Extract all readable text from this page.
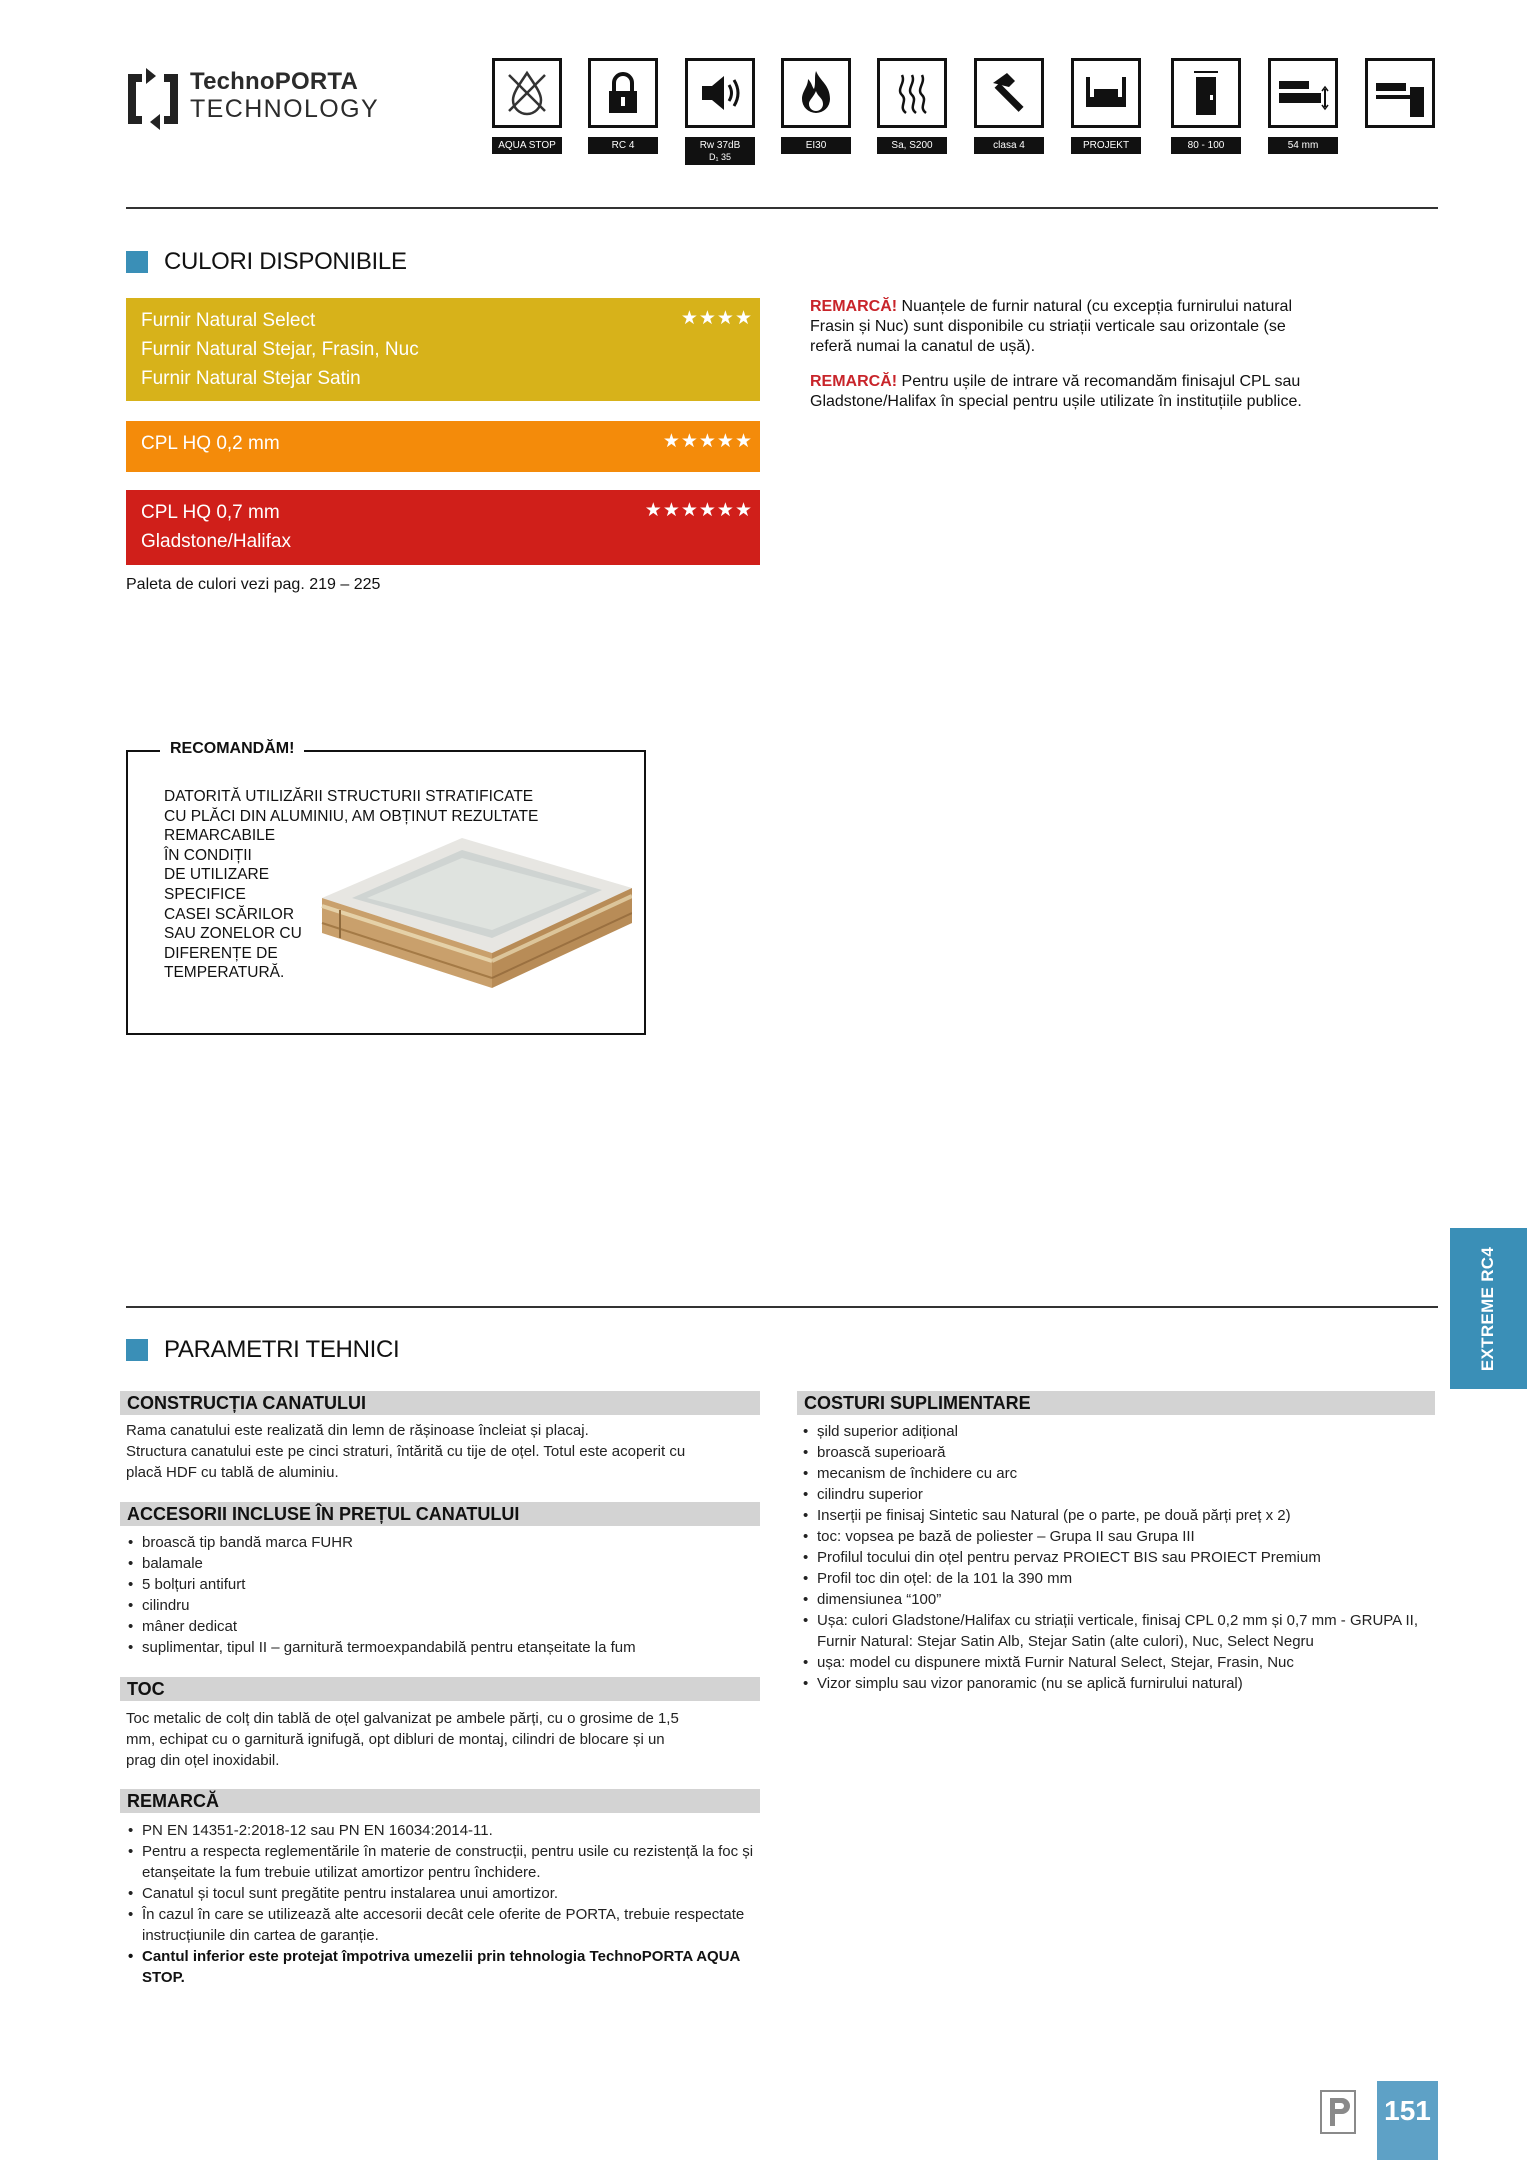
TechnoPORTA
TECHNOLOGY
AQUA STOP	RC 4	Rw 37dB
D₁ 35
EI30	Sa, S200	clasa 4	PROJEKT	80 - 100	54 mm
CULORI DISPONIBILE
Furnir Natural Select
Furnir Natural Stejar, Frasin, Nuc
Furnir Natural Stejar Satin
★★★★
CPL HQ 0,2 mm	★★★★★
CPL HQ 0,7 mm
Gladstone/Halifax
★★★★★★
Paleta de culori vezi pag. 219 – 225
REMARCĂ! Nuanțele de furnir natural (cu excepția furnirului natural Frasin și Nuc) sunt disponibile cu striații verticale sau orizontale (se referă numai la canatul de ușă).
REMARCĂ! Pentru ușile de intrare vă recomandăm finisajul CPL sau Gladstone/Halifax în special pentru ușile utilizate în instituțiile publice.
RECOMANDĂM!
DATORITĂ UTILIZĂRII STRUCTURII STRATIFICATE
CU PLĂCI DIN ALUMINIU, AM OBȚINUT REZULTATE
REMARCABILE
ÎN CONDIȚII
DE UTILIZARE
SPECIFICE
CASEI SCĂRILOR
SAU ZONELOR CU
DIFERENȚE DE
TEMPERATURĂ.
EXTREME RC4
PARAMETRI TEHNICI
CONSTRUCȚIA CANATULUI
Rama canatului este realizată din lemn de rășinoase încleiat și placaj.
Structura canatului este pe cinci straturi, întărită cu tije de oțel. Totul este acoperit cu
placă HDF cu tablă de aluminiu.
ACCESORII INCLUSE ÎN PREȚUL CANATULUI
• broască tip bandă marca FUHR
• balamale
• 5 bolțuri antifurt
• cilindru
• mâner dedicat
• suplimentar, tipul II – garnitură termoexpandabilă pentru etanșeitate la fum
TOC
Toc metalic de colț din tablă de oțel galvanizat pe ambele părți, cu o grosime de 1,5
mm, echipat cu o garnitură ignifugă, opt dibluri de montaj, cilindri de blocare și un
prag din oțel inoxidabil.
REMARCĂ
• PN EN 14351-2:2018-12 sau PN EN 16034:2014-11.
• Pentru a respecta reglementările în materie de construcții, pentru usile cu rezistență la foc și etanșeitate la fum trebuie utilizat amortizor pentru închidere.
• Canatul și tocul sunt pregătite pentru instalarea unui amortizor.
• În cazul în care se utilizează alte accesorii decât cele oferite de PORTA, trebuie respectate instrucțiunile din cartea de garanție.
• Cantul inferior este protejat împotriva umezelii prin tehnologia TechnoPORTA AQUA STOP.
COSTURI SUPLIMENTARE
• șild superior adițional
• broască superioară
• mecanism de închidere cu arc
• cilindru superior
• Inserții pe finisaj Sintetic sau Natural (pe o parte, pe două părți preț x 2)
• toc: vopsea pe bază de poliester – Grupa II sau Grupa III
• Profilul tocului din oțel pentru pervaz PROIECT BIS sau PROIECT Premium
• Profil toc din oțel: de la 101 la 390 mm
• dimensiunea “100”
• Ușa: culori Gladstone/Halifax cu striații verticale, finisaj CPL 0,2 mm și 0,7 mm - GRUPA II, Furnir Natural: Stejar Satin Alb, Stejar Satin (alte culori), Nuc, Select Negru
• ușa: model cu dispunere mixtă Furnir Natural Select, Stejar, Frasin, Nuc
• Vizor simplu sau vizor panoramic (nu se aplică furnirului natural)
151
